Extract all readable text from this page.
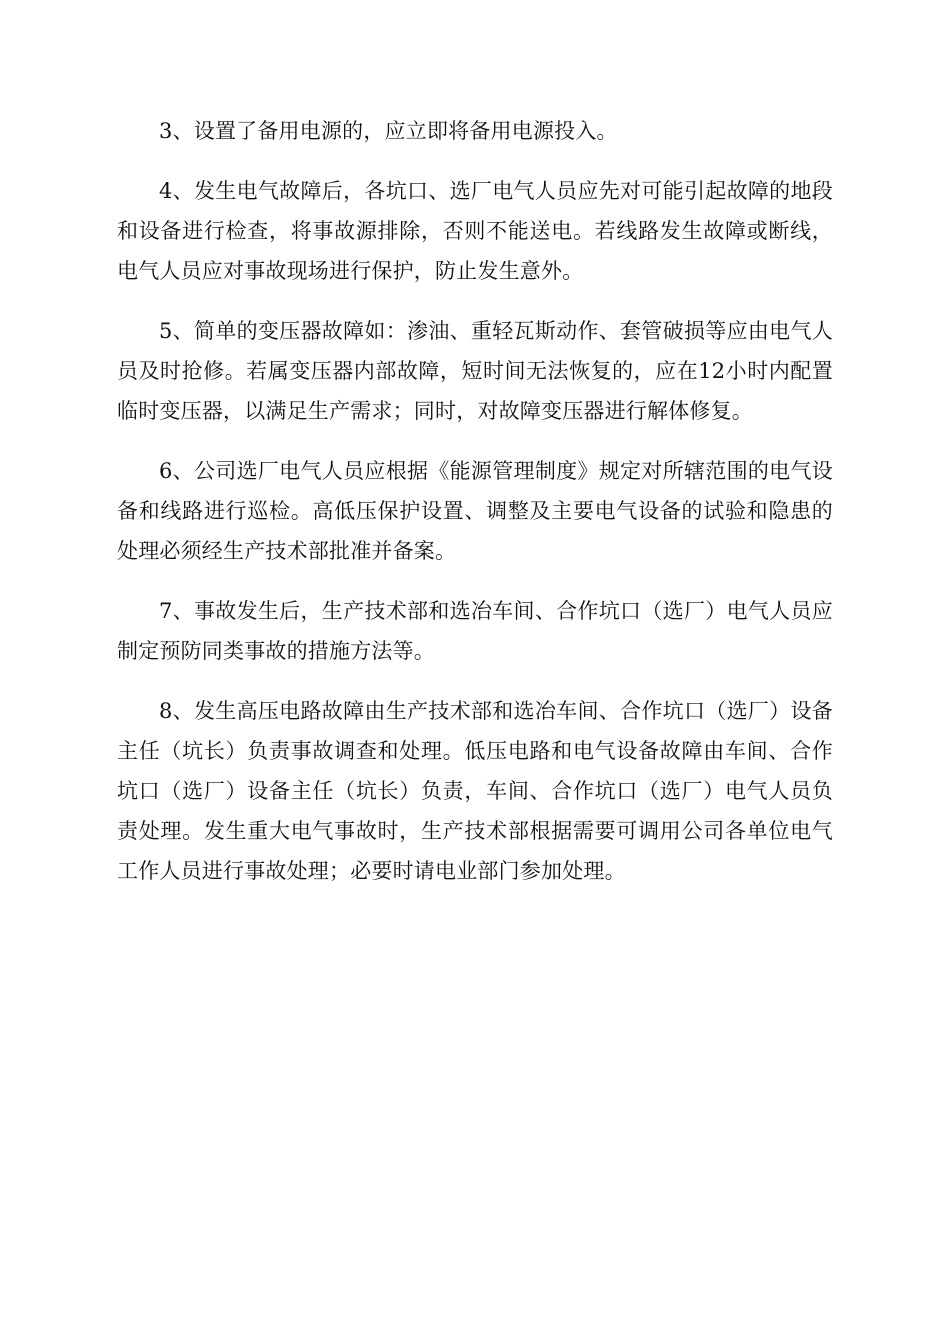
3、设置了备用电源的，应立即将备用电源投入。

4、发生电气故障后，各坑口、选厂电气人员应先对可能引起故障的地段和设备进行检查，将事故源排除，否则不能送电。若线路发生故障或断线，电气人员应对事故现场进行保护，防止发生意外。

5、简单的变压器故障如：渗油、重轻瓦斯动作、套管破损等应由电气人员及时抢修。若属变压器内部故障，短时间无法恢复的，应在12小时内配置临时变压器，以满足生产需求；同时，对故障变压器进行解体修复。

6、公司选厂电气人员应根据《能源管理制度》规定对所辖范围的电气设备和线路进行巡检。高低压保护设置、调整及主要电气设备的试验和隐患的处理必须经生产技术部批准并备案。

7、事故发生后，生产技术部和选冶车间、合作坑口（选厂）电气人员应制定预防同类事故的措施方法等。

8、发生高压电路故障由生产技术部和选冶车间、合作坑口（选厂）设备主任（坑长）负责事故调查和处理。低压电路和电气设备故障由车间、合作坑口（选厂）设备主任（坑长）负责，车间、合作坑口（选厂）电气人员负责处理。发生重大电气事故时，生产技术部根据需要可调用公司各单位电气工作人员进行事故处理；必要时请电业部门参加处理。
